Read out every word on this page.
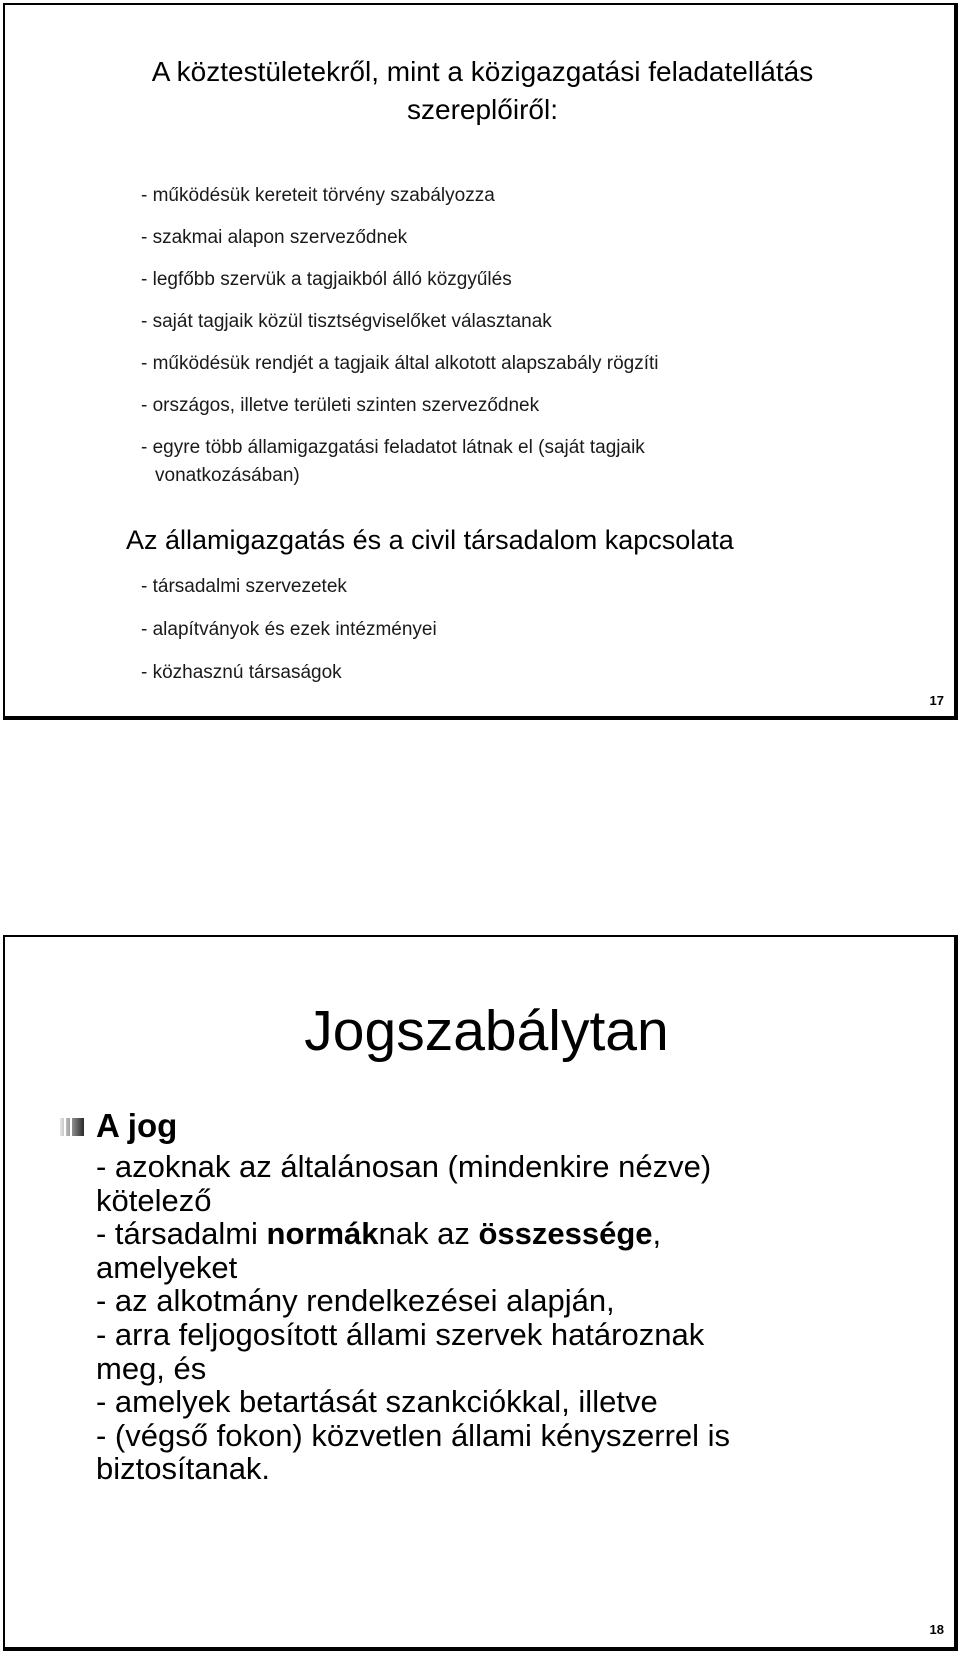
A köztestületekről, mint a közigazgatási feladatellátás
szereplőiről:
- működésük kereteit törvény szabályozza
- szakmai alapon szerveződnek
- legfőbb szervük a tagjaikból álló közgyűlés
- saját tagjaik közül tisztségviselőket választanak
- működésük rendjét a tagjaik által alkotott alapszabály rögzíti
- országos, illetve területi szinten szerveződnek
- egyre több államigazgatási feladatot látnak el (saját tagjaik
vonatkozásában)
Az államigazgatás és a civil társadalom kapcsolata
- társadalmi szervezetek
- alapítványok és ezek intézményei
- közhasznú társaságok
17
Jogszabálytan
A jog
- azoknak az általánosan (mindenkire nézve)
kötelező
- társadalmi normáknak az összessége,
amelyeket
- az alkotmány rendelkezései alapján,
- arra feljogosított állami szervek határoznak
meg, és
- amelyek betartását szankciókkal, illetve
- (végső fokon) közvetlen állami kényszerrel is
biztosítanak.
18
